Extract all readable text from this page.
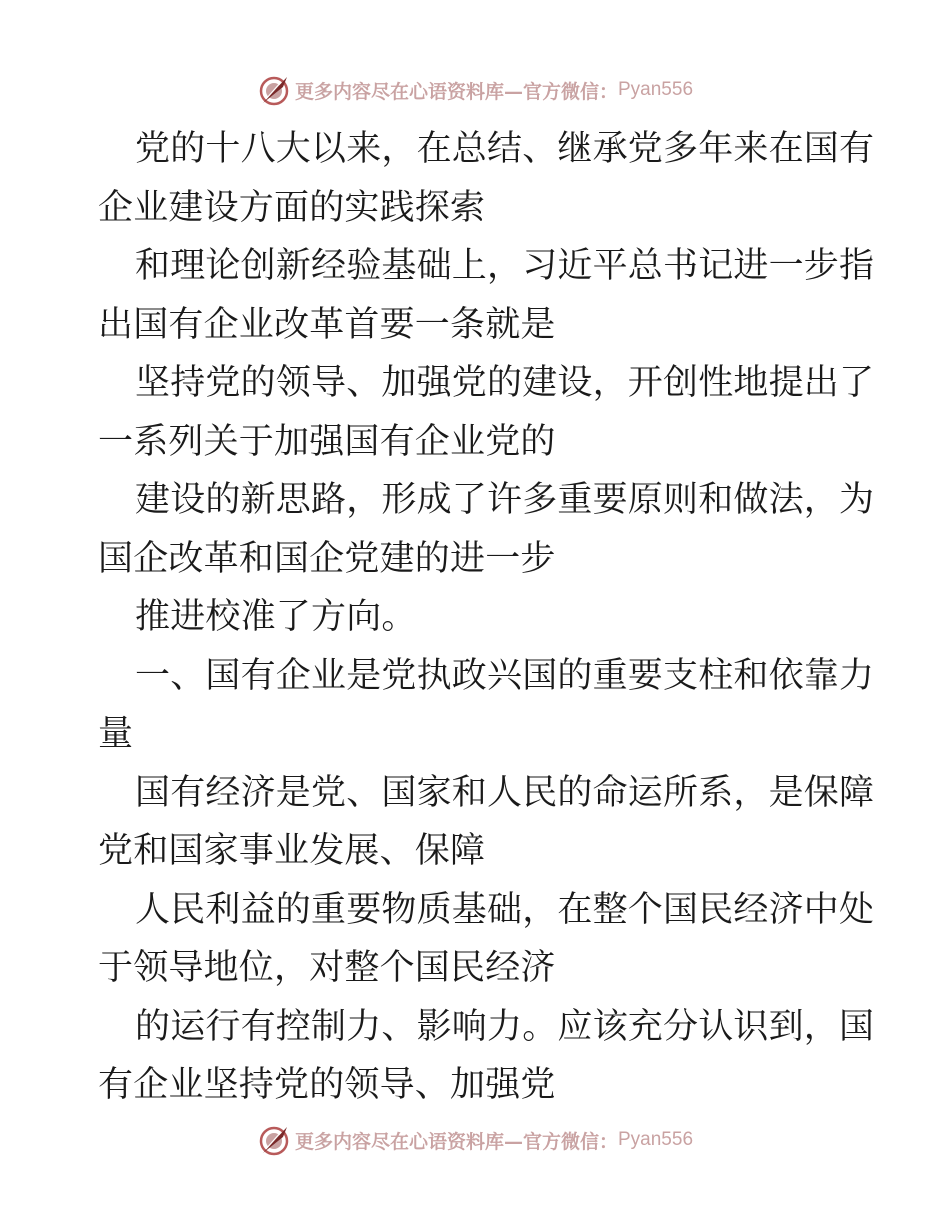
更多内容尽在心语资料库—官方微信： Pyan556
党的十八大以来，在总结、继承党多年来在国有
企业建设方面的实践探索
和理论创新经验基础上，习近平总书记进一步指
出国有企业改革首要一条就是
坚持党的领导、加强党的建设，开创性地提出了
一系列关于加强国有企业党的
建设的新思路，形成了许多重要原则和做法，为
国企改革和国企党建的进一步
推进校准了方向。
一、国有企业是党执政兴国的重要支柱和依靠力
量
国有经济是党、国家和人民的命运所系，是保障
党和国家事业发展、保障
人民利益的重要物质基础，在整个国民经济中处
于领导地位，对整个国民经济
的运行有控制力、影响力。应该充分认识到，国
有企业坚持党的领导、加强党
更多内容尽在心语资料库—官方微信： Pyan556
